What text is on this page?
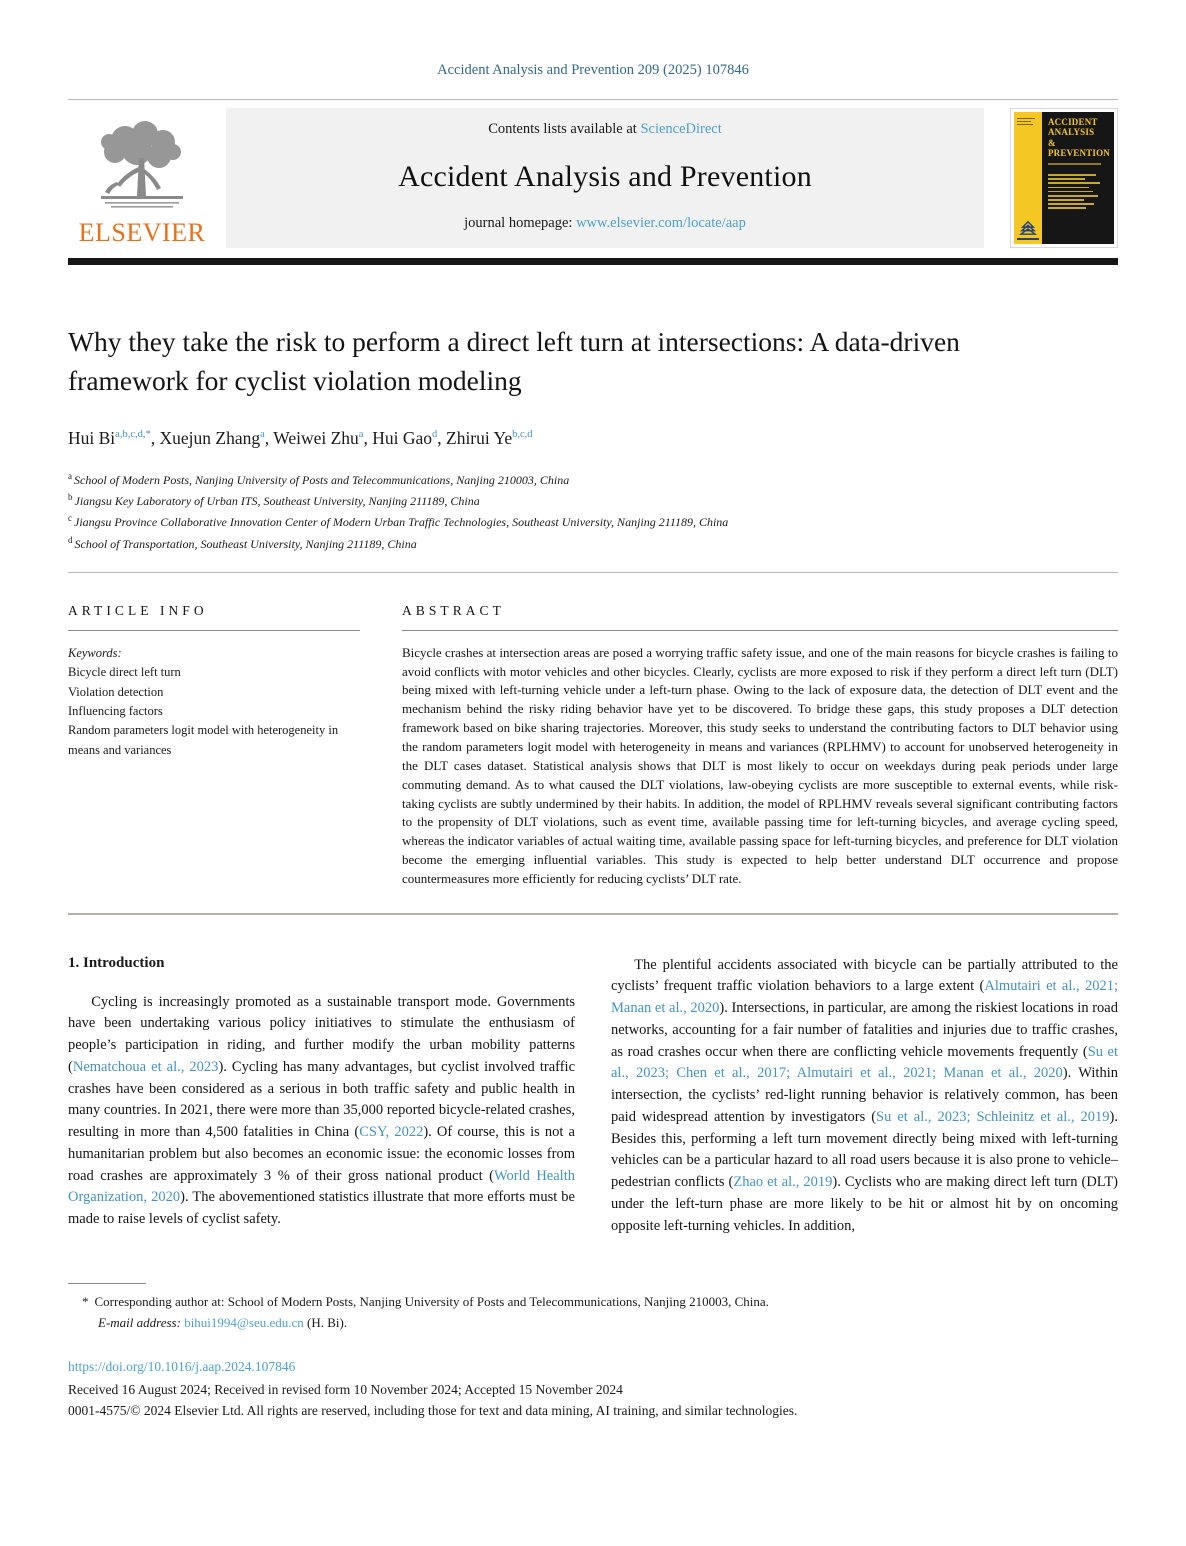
Accident Analysis and Prevention 209 (2025) 107846
ELSEVIER
Contents lists available at ScienceDirect
Accident Analysis and Prevention
journal homepage: www.elsevier.com/locate/aap
ACCIDENT
ANALYSIS
&
PREVENTION
Why they take the risk to perform a direct left turn at intersections: A data-driven framework for cyclist violation modeling
Hui $Bi^{a,b,c,d,*}$, Xuejun Zhang$^a$, Weiwei Zhu$^a$, Hui Gao$^d$, Zhirui Ye$^{b,c,d}$
$^a$ School of Modern Posts, Nanjing University of Posts and Telecommunications, Nanjing 210003, China
$^b$ Jiangsu Key Laboratory of Urban ITS, Southeast University, Nanjing 211189, China
$^c$ Jiangsu Province Collaborative Innovation Center of Modern Urban Traffic Technologies, Southeast University, Nanjing 211189, China
$^d$ School of Transportation, Southeast University, Nanjing 211189, China
ARTICLE INFO
Keywords:
Bicycle direct left turn
Violation detection
Influencing factors
Random parameters logit model with heterogeneity in means and variances
ABSTRACT
Bicycle crashes at intersection areas are posed a worrying traffic safety issue, and one of the main reasons for bicycle crashes is failing to avoid conflicts with motor vehicles and other bicycles. Clearly, cyclists are more exposed to risk if they perform a direct left turn (DLT) being mixed with left-turning vehicle under a left-turn phase. Owing to the lack of exposure data, the detection of DLT event and the mechanism behind the risky riding behavior have yet to be discovered. To bridge these gaps, this study proposes a DLT detection framework based on bike sharing trajectories. Moreover, this study seeks to understand the contributing factors to DLT behavior using the random parameters logit model with heterogeneity in means and variances (RPLHMV) to account for unobserved heterogeneity in the DLT cases dataset. Statistical analysis shows that DLT is most likely to occur on weekdays during peak periods under large commuting demand. As to what caused the DLT violations, law-obeying cyclists are more susceptible to external events, while risk-taking cyclists are subtly undermined by their habits. In addition, the model of RPLHMV reveals several significant contributing factors to the propensity of DLT violations, such as event time, available passing time for left-turning bicycles, and average cycling speed, whereas the indicator variables of actual waiting time, available passing space for left-turning bicycles, and preference for DLT violation become the emerging influential variables. This study is expected to help better understand DLT occurrence and propose countermeasures more efficiently for reducing cyclists’ DLT rate.
1. Introduction

Cycling is increasingly promoted as a sustainable transport mode. Governments have been undertaking various policy initiatives to stimulate the enthusiasm of people’s participation in riding, and further modify the urban mobility patterns (Nematchoua et al., 2023). Cycling has many advantages, but cyclist involved traffic crashes have been considered as a serious in both traffic safety and public health in many countries. In 2021, there were more than 35,000 reported bicycle-related crashes, resulting in more than 4,500 fatalities in China (CSY, 2022). Of course, this is not a humanitarian problem but also becomes an economic issue: the economic losses from road crashes are approximately 3 % of their gross national product (World Health Organization, 2020). The abovementioned statistics illustrate that more efforts must be made to raise levels of cyclist safety.

The plentiful accidents associated with bicycle can be partially attributed to the cyclists’ frequent traffic violation behaviors to a large extent (Almutairi et al., 2021; Manan et al., 2020). Intersections, in particular, are among the riskiest locations in road networks, accounting for a fair number of fatalities and injuries due to traffic crashes, as road crashes occur when there are conflicting vehicle movements frequently (Su et al., 2023; Chen et al., 2017; Almutairi et al., 2021; Manan et al., 2020). Within intersection, the cyclists’ red-light running behavior is relatively common, has been paid widespread attention by investigators (Su et al., 2023; Schleinitz et al., 2019). Besides this, performing a left turn movement directly being mixed with left-turning vehicles can be a particular hazard to all road users because it is also prone to vehicle–pedestrian conflicts (Zhao et al., 2019). Cyclists who are making direct left turn (DLT) under the left-turn phase are more likely to be hit or almost hit by on oncoming opposite left-turning vehicles. In addition,

* Corresponding author at: School of Modern Posts, Nanjing University of Posts and Telecommunications, Nanjing 210003, China.
E-mail address: bihui1994@seu.edu.cn (H. Bi).
https://doi.org/10.1016/j.aap.2024.107846
Received 16 August 2024; Received in revised form 10 November 2024; Accepted 15 November 2024
0001-4575/© 2024 Elsevier Ltd. All rights are reserved, including those for text and data mining, AI training, and similar technologies.
